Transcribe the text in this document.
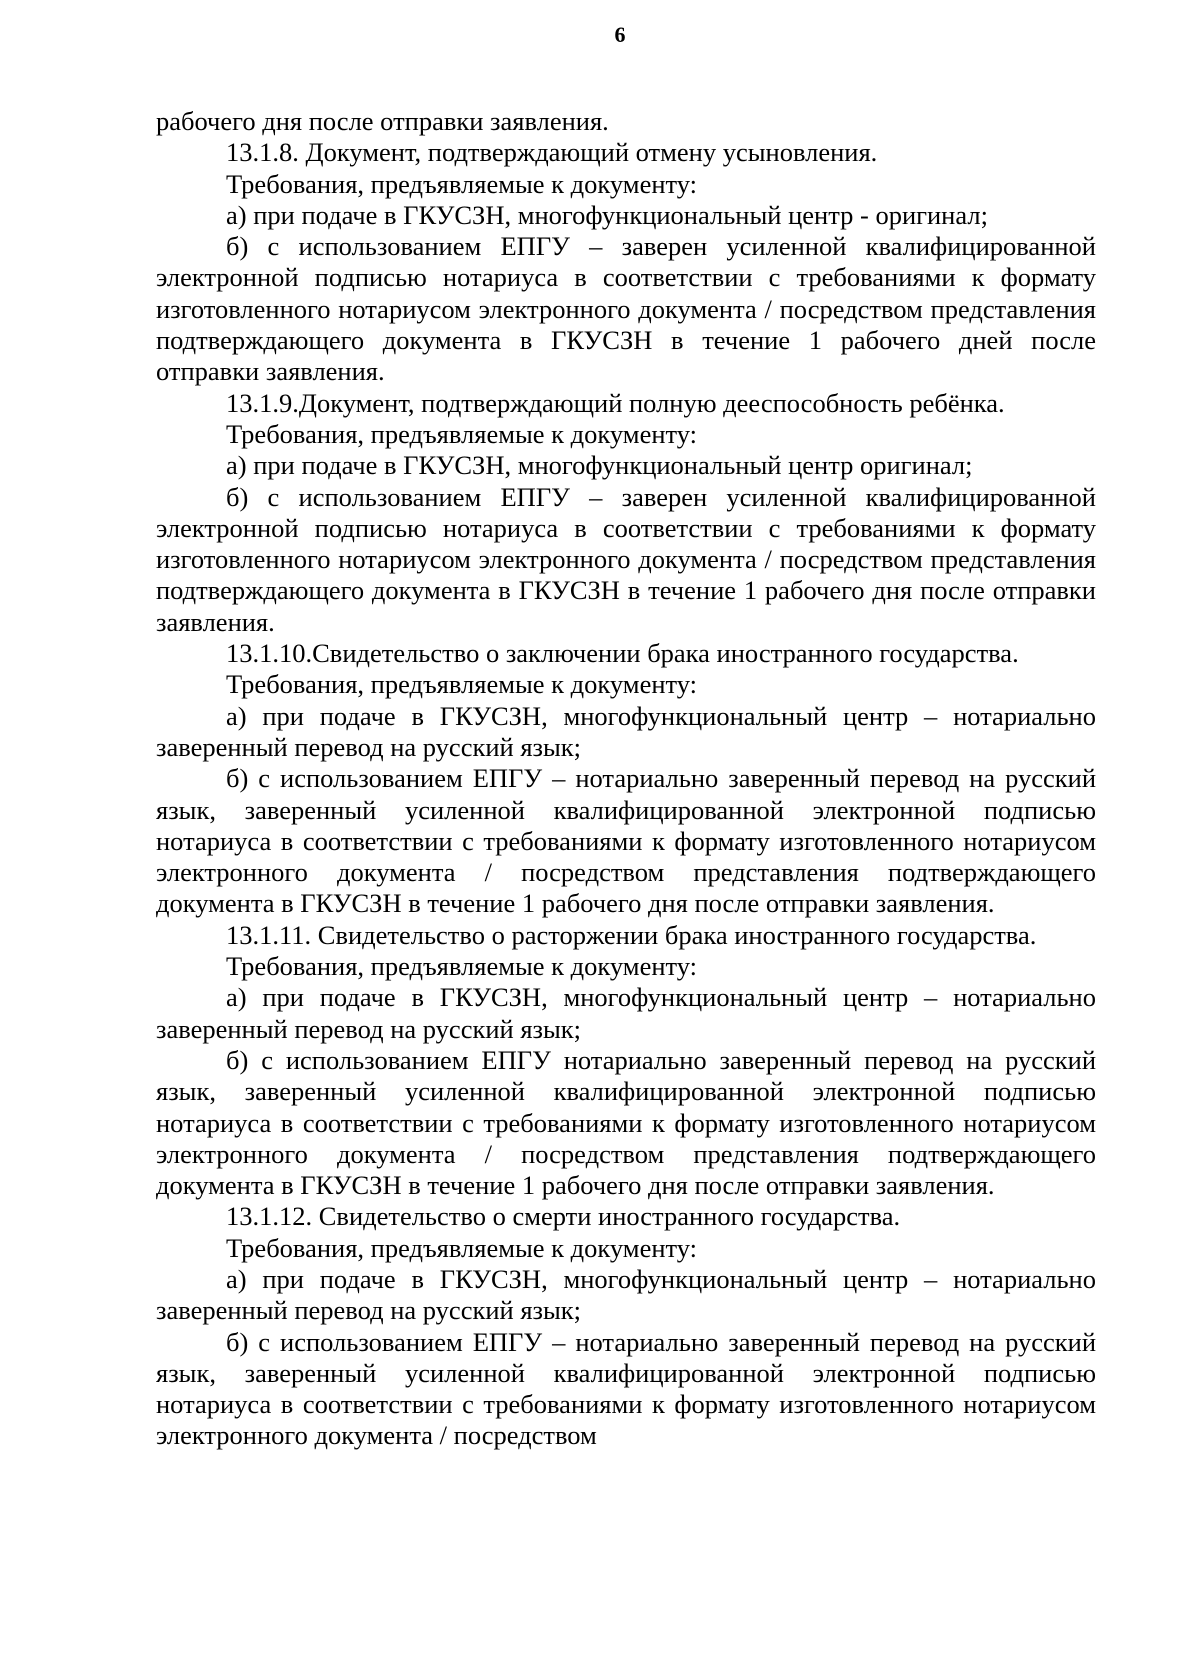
6

рабочего дня после отправки заявления.

13.1.8. Документ, подтверждающий отмену усыновления.

Требования, предъявляемые к документу:

а) при подаче в ГКУСЗН, многофункциональный центр - оригинал;

б) с использованием ЕПГУ – заверен усиленной квалифицированной электронной подписью нотариуса в соответствии с требованиями к формату изготовленного нотариусом электронного документа / посредством представления подтверждающего документа в ГКУСЗН в течение 1 рабочего дней после отправки заявления.

13.1.9.Документ, подтверждающий полную дееспособность ребёнка.

Требования, предъявляемые к документу:

а) при подаче в ГКУСЗН, многофункциональный центр оригинал;

б) с использованием ЕПГУ – заверен усиленной квалифицированной электронной подписью нотариуса в соответствии с требованиями к формату изготовленного нотариусом электронного документа / посредством представления подтверждающего документа в ГКУСЗН в течение 1 рабочего дня после отправки заявления.

13.1.10.Свидетельство о заключении брака иностранного государства.

Требования, предъявляемые к документу:

а) при подаче в ГКУСЗН, многофункциональный центр – нотариально заверенный перевод на русский язык;

б) с использованием ЕПГУ – нотариально заверенный перевод на русский язык, заверенный усиленной квалифицированной электронной подписью нотариуса в соответствии с требованиями к формату изготовленного нотариусом электронного документа / посредством представления подтверждающего документа в ГКУСЗН в течение 1 рабочего дня после отправки заявления.

13.1.11. Свидетельство о расторжении брака иностранного государства.

Требования, предъявляемые к документу:

а) при подаче в ГКУСЗН, многофункциональный центр – нотариально заверенный перевод на русский язык;

б) с использованием ЕПГУ нотариально заверенный перевод на русский язык, заверенный усиленной квалифицированной электронной подписью нотариуса в соответствии с требованиями к формату изготовленного нотариусом электронного документа / посредством представления подтверждающего документа в ГКУСЗН в течение 1 рабочего дня после отправки заявления.

13.1.12. Свидетельство о смерти иностранного государства.

Требования, предъявляемые к документу:

а) при подаче в ГКУСЗН, многофункциональный центр – нотариально заверенный перевод на русский язык;

б) с использованием ЕПГУ – нотариально заверенный перевод на русский язык, заверенный усиленной квалифицированной электронной подписью нотариуса в соответствии с требованиями к формату изготовленного нотариусом электронного документа / посредством
